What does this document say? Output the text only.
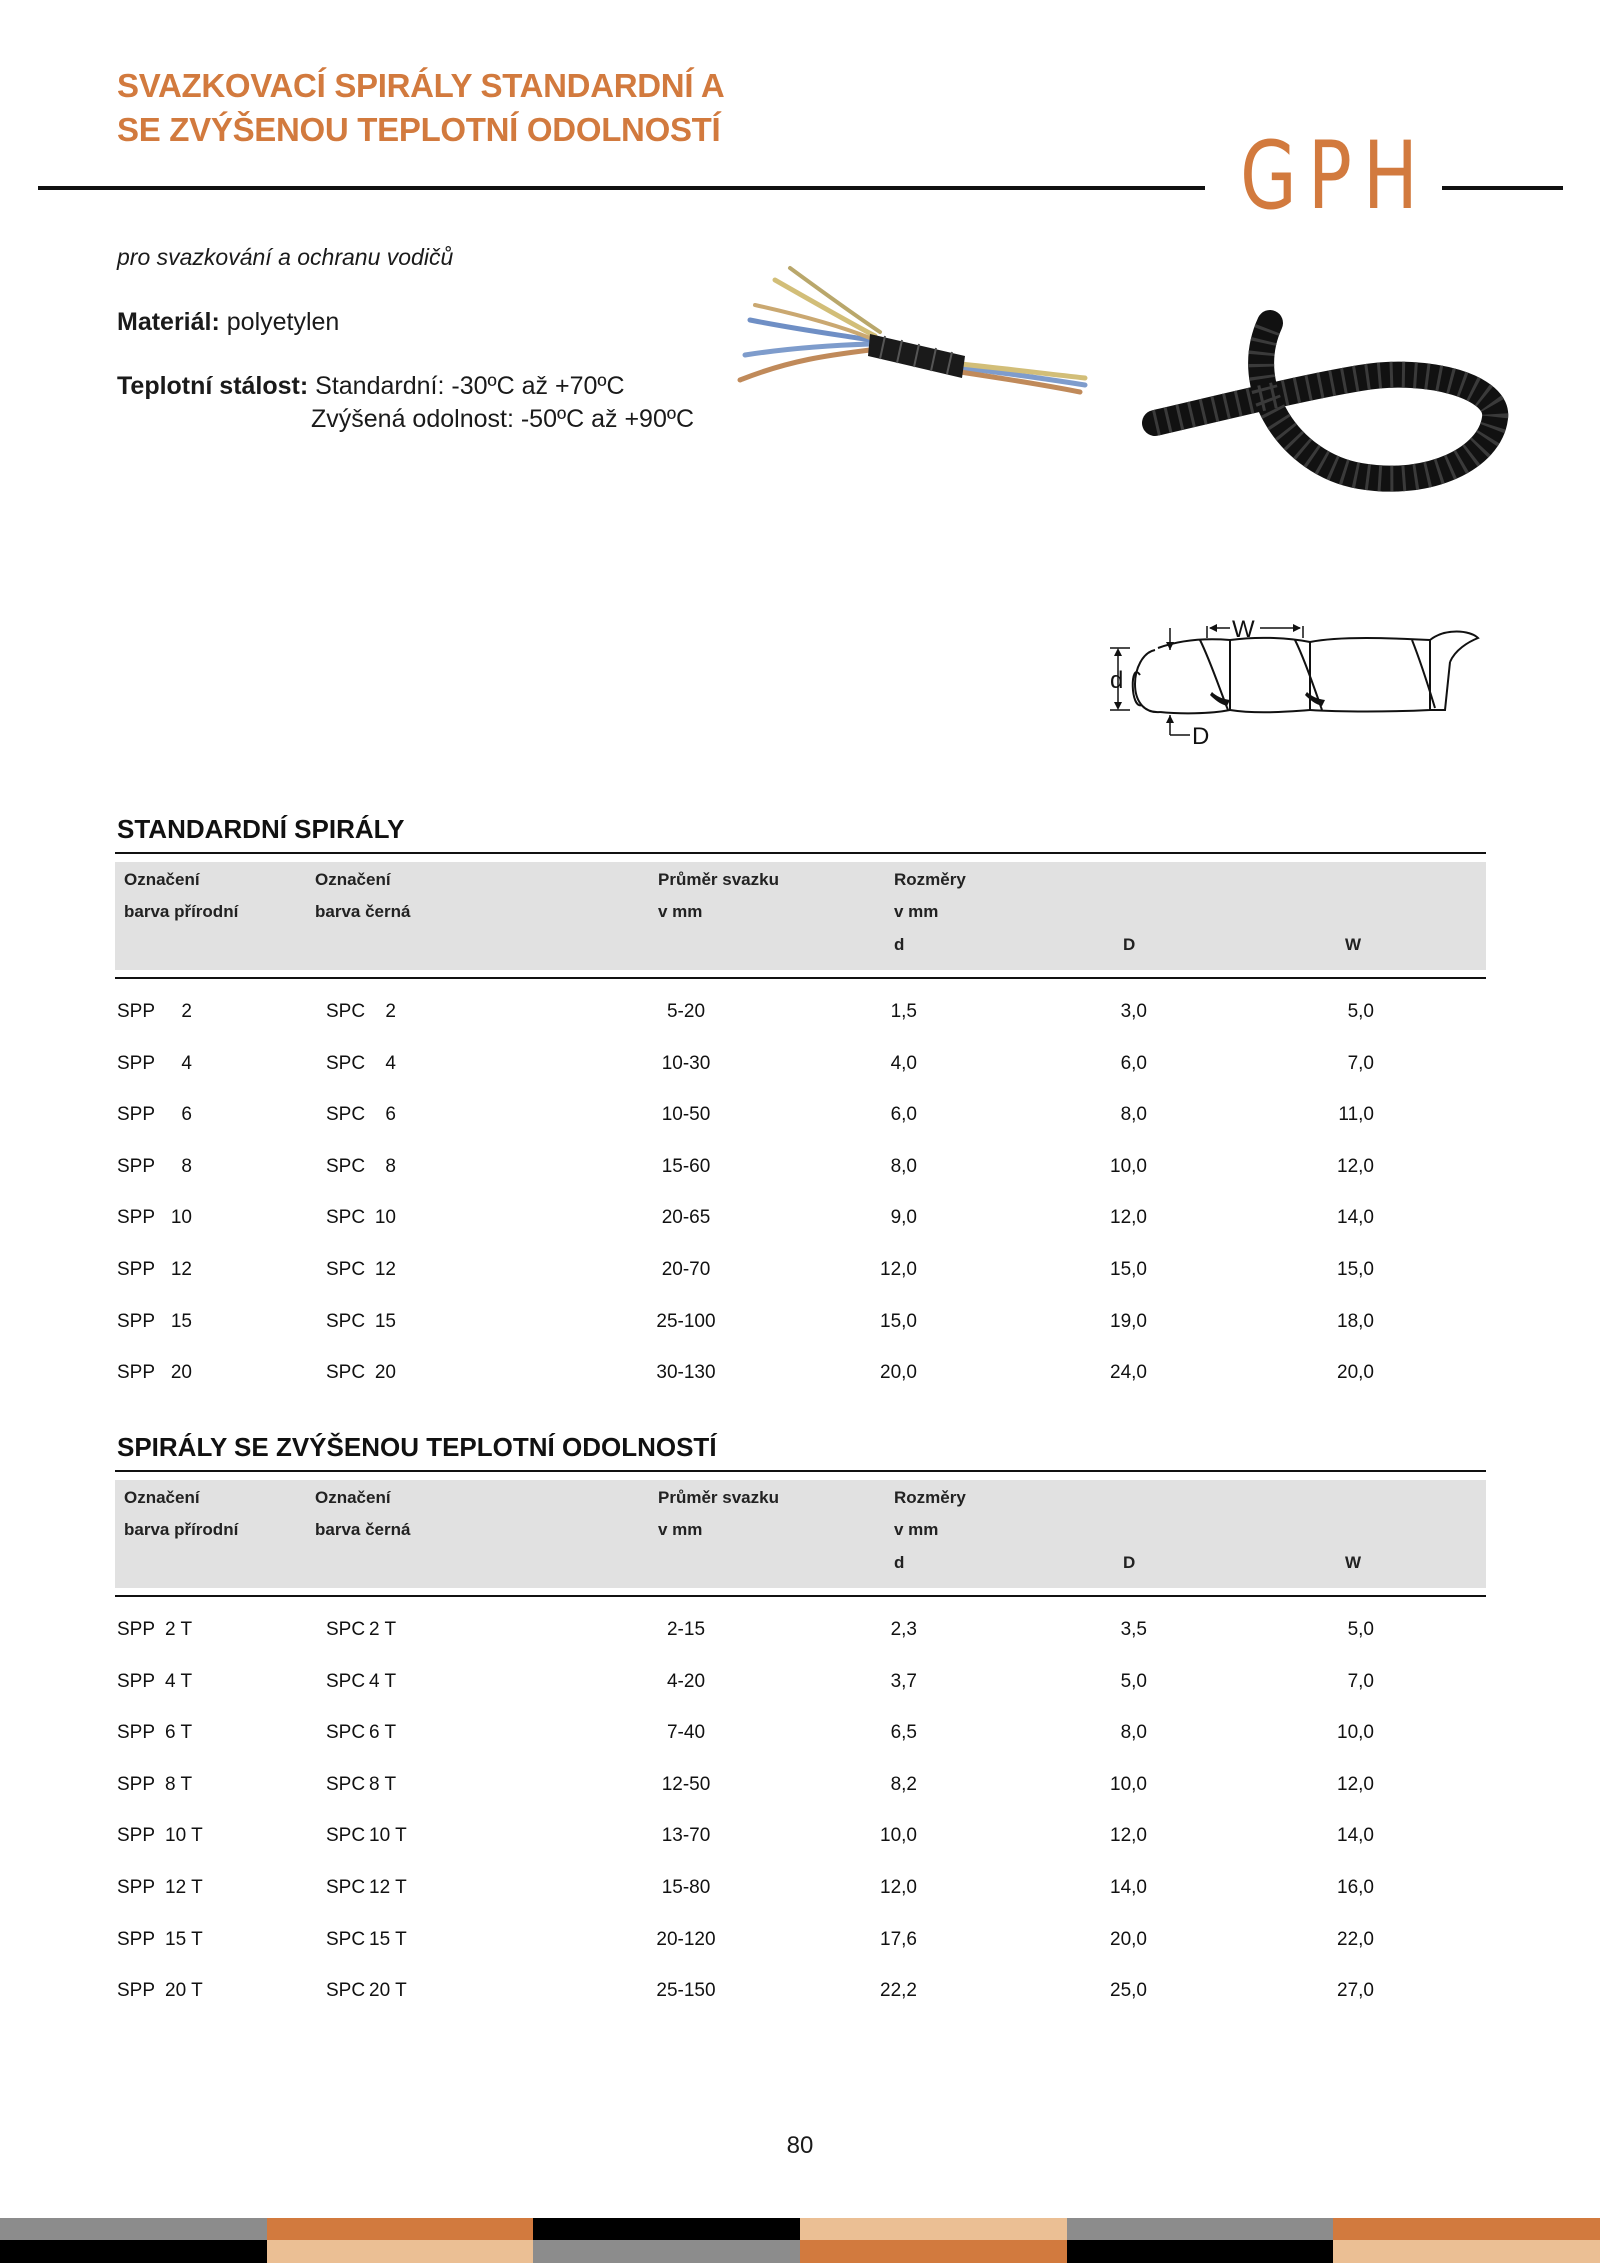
SVAZKOVACÍ SPIRÁLY STANDARDNÍ A
SE ZVÝŠENOU TEPLOTNÍ ODOLNOSTÍ	GPH
pro svazkování a ochranu vodičů
Materiál: polyetylen
Teplotní stálost: Standardní: -30ºC až +70ºC
Zvýšená odolnost: -50ºC až +90ºC
W
d
D
STANDARDNÍ SPIRÁLY
Označení
barva přírodní
Označení
barva černá
Průměr svazku
v mm
Rozměry
v mm
d	D	W
SPP	2	SPC	2	5-20	1,5	3,0	5,0
SPP	4	SPC	4	10-30	4,0	6,0	7,0
SPP	6	SPC	6	10-50	6,0	8,0	11,0
SPP	8	SPC	8	15-60	8,0	10,0	12,0
SPP 10	SPC 10	20-65	9,0	12,0	14,0
SPP 12	SPC 12	20-70	12,0	15,0	15,0
SPP 15	SPC 15	25-100	15,0	19,0	18,0
SPP 20	SPC 20	30-130	20,0	24,0	20,0
SPIRÁLY SE ZVÝŠENOU TEPLOTNÍ ODOLNOSTÍ
Označení
barva přírodní
Označení
barva černá
Průměr svazku
v mm
Rozměry
v mm
d	D	W
SPP 2 T	SPC 2 T	2-15	2,3	3,5	5,0
SPP 4 T	SPC 4 T	4-20	3,7	5,0	7,0
SPP 6 T	SPC 6 T	7-40	6,5	8,0	10,0
SPP 8 T	SPC 8 T	12-50	8,2	10,0	12,0
SPP 10 T	SPC 10 T	13-70	10,0	12,0	14,0
SPP 12 T	SPC 12 T	15-80	12,0	14,0	16,0
SPP 15 T	SPC 15 T	20-120	17,6	20,0	22,0
SPP 20 T	SPC 20 T	25-150	22,2	25,0	27,0
80
